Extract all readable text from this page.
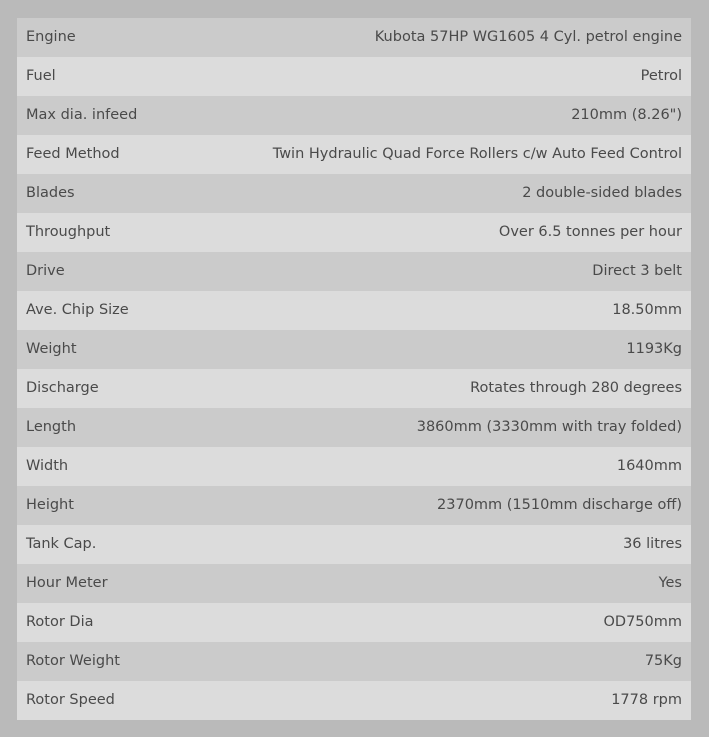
Engine	Kubota 57HP WG1605 4 Cyl. petrol engine
Fuel	Petrol
Max dia. infeed	210mm (8.26")
Feed Method	Twin Hydraulic Quad Force Rollers c/w Auto Feed Control
Blades	2 double-sided blades
Throughput	Over 6.5 tonnes per hour
Drive	Direct 3 belt
Ave. Chip Size	18.50mm
Weight	1193Kg
Discharge	Rotates through 280 degrees
Length	3860mm (3330mm with tray folded)
Width	1640mm
Height	2370mm (1510mm discharge off)
Tank Cap.	36 litres
Hour Meter	Yes
Rotor Dia	OD750mm
Rotor Weight	75Kg
Rotor Speed	1778 rpm
